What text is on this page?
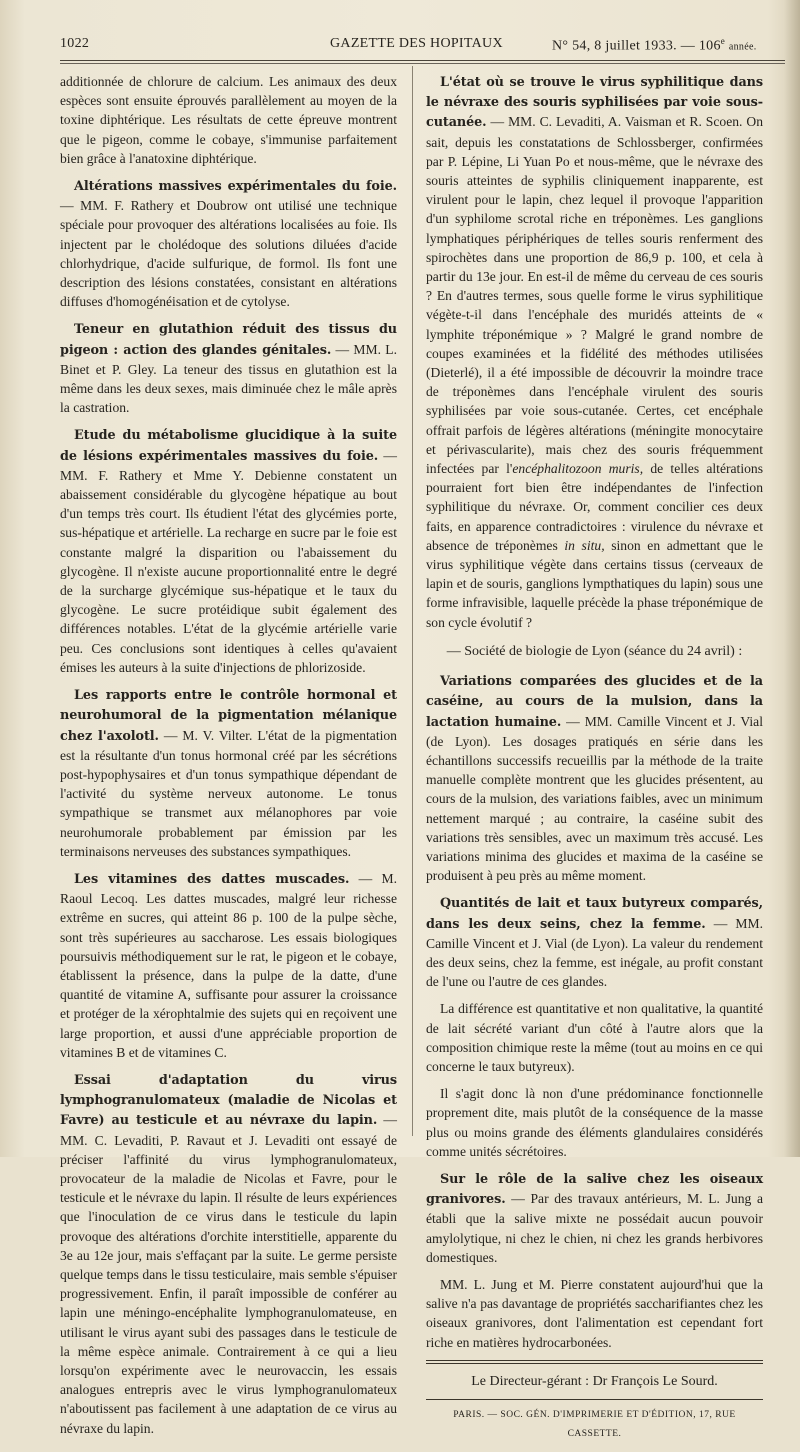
1022	GAZETTE DES HOPITAUX	N° 54, 8 juillet 1933. — 106e année.

additionnée de chlorure de calcium. Les animaux des deux espèces sont ensuite éprouvés parallèlement au moyen de la toxine diphtérique. Les résultats de cette épreuve montrent que le pigeon, comme le cobaye, s'immunise parfaitement bien grâce à l'anatoxine diphtérique.

Altérations massives expérimentales du foie. — MM. F. Rathery et Doubrow ont utilisé une technique spéciale pour provoquer des altérations localisées au foie. Ils injectent par le cholédoque des solutions diluées d'acide chlorhydrique, d'acide sulfurique, de formol. Ils font une description des lésions constatées, consistant en altérations diffuses d'homogénéisation et de cytolyse.

Teneur en glutathion réduit des tissus du pigeon : action des glandes génitales. — MM. L. Binet et P. Gley. La teneur des tissus en glutathion est la même dans les deux sexes, mais diminuée chez le mâle après la castration.

Etude du métabolisme glucidique à la suite de lésions expérimentales massives du foie. — MM. F. Rathery et Mme Y. Debienne constatent un abaissement considérable du glycogène hépatique au bout d'un temps très court. Ils étudient l'état des glycémies porte, sus-hépatique et artérielle. La recharge en sucre par le foie est constante malgré la disparition ou l'abaissement du glycogène. Il n'existe aucune proportionnalité entre le degré de la surcharge glycémique sus-hépatique et le taux du glycogène. Le sucre protéidique subit également des différences notables. L'état de la glycémie artérielle varie peu. Ces conclusions sont identiques à celles qu'avaient émises les auteurs à la suite d'injections de phlorizoside.

Les rapports entre le contrôle hormonal et neurohumoral de la pigmentation mélanique chez l'axolotl. — M. V. Vilter. L'état de la pigmentation est la résultante d'un tonus hormonal créé par les sécrétions post-hypophysaires et d'un tonus sympathique dépendant de l'activité du système nerveux autonome. Le tonus sympathique se transmet aux mélanophores par voie neurohumorale probablement par émission par les terminaisons nerveuses des substances sympathiques.

Les vitamines des dattes muscades. — M. Raoul Lecoq. Les dattes muscades, malgré leur richesse extrême en sucres, qui atteint 86 p. 100 de la pulpe sèche, sont très supérieures au saccharose. Les essais biologiques poursuivis méthodiquement sur le rat, le pigeon et le cobaye, établissent la présence, dans la pulpe de la datte, d'une quantité de vitamine A, suffisante pour assurer la croissance et protéger de la xérophtalmie des sujets qui en reçoivent une large proportion, et aussi d'une appréciable proportion de vitamines B et de vitamines C.

Essai d'adaptation du virus lymphogranulomateux (maladie de Nicolas et Favre) au testicule et au névraxe du lapin. — MM. C. Levaditi, P. Ravaut et J. Levaditi ont essayé de préciser l'affinité du virus lymphogranulomateux, provocateur de la maladie de Nicolas et Favre, pour le testicule et le névraxe du lapin. Il résulte de leurs expériences que l'inoculation de ce virus dans le testicule du lapin provoque des altérations d'orchite interstitielle, apparente du 3e au 12e jour, mais s'effaçant par la suite. Le germe persiste quelque temps dans le tissu testiculaire, mais semble s'épuiser progressivement. Enfin, il paraît impossible de conférer au lapin une méningo-encéphalite lymphogranulomateuse, en utilisant le virus ayant subi des passages dans le testicule de la même espèce animale. Contrairement à ce qui a lieu lorsqu'on expérimente avec le neurovaccin, les essais analogues entrepris avec le virus lymphogranulomateux n'aboutissent pas facilement à une adaptation de ce virus au névraxe du lapin.

L'état où se trouve le virus syphilitique dans le névraxe des souris syphilisées par voie sous-cutanée. — MM. C. Levaditi, A. Vaisman et R. Scoen. On sait, depuis les constatations de Schlossberger, confirmées par P. Lépine, Li Yuan Po et nous-même, que le névraxe des souris atteintes de syphilis cliniquement inapparente, est virulent pour le lapin, chez lequel il provoque l'apparition d'un syphilome scrotal riche en tréponèmes. Les ganglions lymphatiques périphériques de telles souris renferment des spirochètes dans une proportion de 86,9 p. 100, et cela à partir du 13e jour. En est-il de même du cerveau de ces souris ? En d'autres termes, sous quelle forme le virus syphilitique végète-t-il dans l'encéphale des muridés atteints de « lymphite tréponémique » ? Malgré le grand nombre de coupes examinées et la fidélité des méthodes utilisées (Dieterlé), il a été impossible de découvrir la moindre trace de tréponèmes dans l'encéphale virulent des souris syphilisées par voie sous-cutanée. Certes, cet encéphale offrait parfois de légères altérations (méningite monocytaire et périvascularite), mais chez des souris fréquemment infectées par l'encéphalitozoon muris, de telles altérations pourraient fort bien être indépendantes de l'infection syphilitique du névraxe. Or, comment concilier ces deux faits, en apparence contradictoires : virulence du névraxe et absence de tréponèmes in situ, sinon en admettant que le virus syphilitique végète dans certains tissus (cerveaux de lapin et de souris, ganglions lympthatiques du lapin) sous une forme infravisible, laquelle précède la phase tréponémique de son cycle évolutif ?

— Société de biologie de Lyon (séance du 24 avril) :

Variations comparées des glucides et de la caséine, au cours de la mulsion, dans la lactation humaine. — MM. Camille Vincent et J. Vial (de Lyon). Les dosages pratiqués en série dans les échantillons successifs recueillis par la méthode de la traite manuelle complète montrent que les glucides présentent, au cours de la mulsion, des variations faibles, avec un minimum nettement marqué ; au contraire, la caséine subit des variations très sensibles, avec un maximum très accusé. Les variations minima des glucides et maxima de la caséine se produisent à peu près au même moment.

Quantités de lait et taux butyreux comparés, dans les deux seins, chez la femme. — MM. Camille Vincent et J. Vial (de Lyon). La valeur du rendement des deux seins, chez la femme, est inégale, au profit constant de l'une ou l'autre de ces glandes.

La différence est quantitative et non qualitative, la quantité de lait sécrété variant d'un côté à l'autre alors que la composition chimique reste la même (tout au moins en ce qui concerne le taux butyreux).

Il s'agit donc là non d'une prédominance fonctionnelle proprement dite, mais plutôt de la conséquence de la masse plus ou moins grande des éléments glandulaires considérés comme unités sécrétoires.

Sur le rôle de la salive chez les oiseaux granivores. — Par des travaux antérieurs, M. L. Jung a établi que la salive mixte ne possédait aucun pouvoir amylolytique, ni chez le chien, ni chez les grands herbivores domestiques.

MM. L. Jung et M. Pierre constatent aujourd'hui que la salive n'a pas davantage de propriétés saccharifiantes chez les oiseaux granivores, dont l'alimentation est cependant fort riche en matières hydrocarbonées.

Le Directeur-gérant : Dr François Le Sourd.

PARIS. — SOC. GÉN. D'IMPRIMERIE ET D'ÉDITION, 17, RUE CASSETTE.
